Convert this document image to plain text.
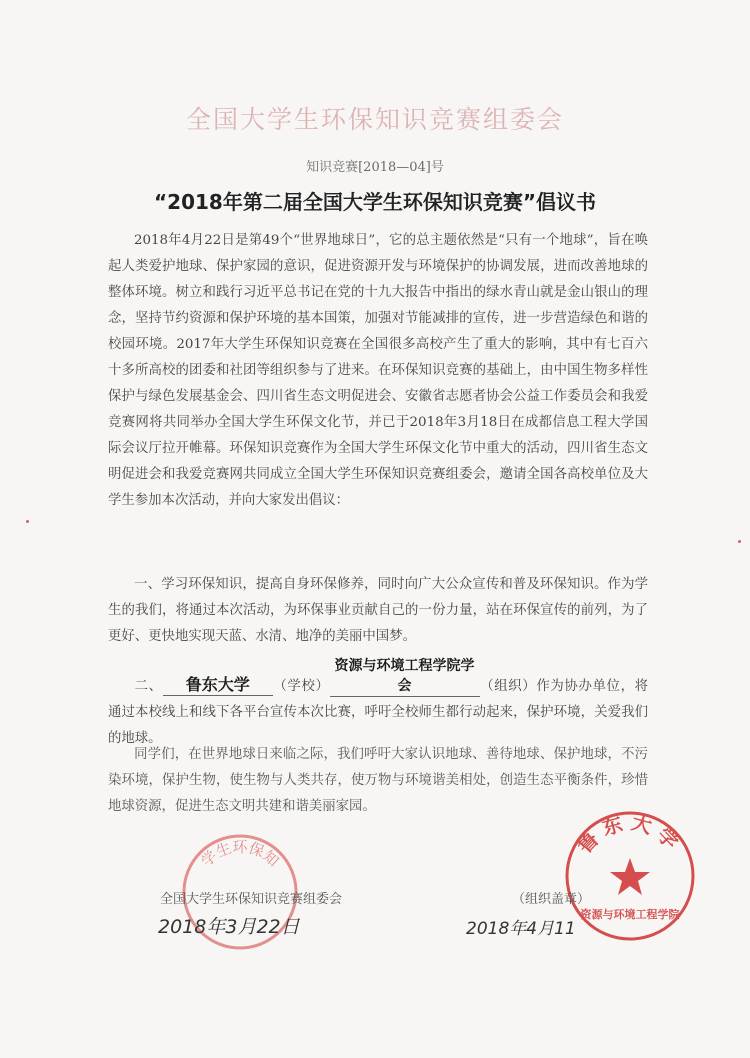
全国大学生环保知识竞赛组委会
知识竞赛[2018—04]号
“2018年第二届全国大学生环保知识竞赛”倡议书
2018年4月22日是第49个“世界地球日”，它的总主题依然是“只有一个地球”，旨在唤起人类爱护地球、保护家园的意识，促进资源开发与环境保护的协调发展，进而改善地球的整体环境。树立和践行习近平总书记在党的十九大报告中指出的绿水青山就是金山银山的理念，坚持节约资源和保护环境的基本国策，加强对节能减排的宣传，进一步营造绿色和谐的校园环境。2017年大学生环保知识竞赛在全国很多高校产生了重大的影响，其中有七百六十多所高校的团委和社团等组织参与了进来。在环保知识竞赛的基础上，由中国生物多样性保护与绿色发展基金会、四川省生态文明促进会、安徽省志愿者协会公益工作委员会和我爱竞赛网将共同举办全国大学生环保文化节，并已于2018年3月18日在成都信息工程大学国际会议厅拉开帷幕。环保知识竞赛作为全国大学生环保文化节中重大的活动，四川省生态文明促进会和我爱竞赛网共同成立全国大学生环保知识竞赛组委会，邀请全国各高校单位及大学生参加本次活动，并向大家发出倡议：
一、学习环保知识，提高自身环保修养，同时向广大公众宣传和普及环保知识。作为学生的我们，将通过本次活动，为环保事业贡献自己的一份力量，站在环保宣传的前列，为了更好、更快地实现天蓝、水清、地净的美丽中国梦。
二、 鲁东大学 （学校）资源与环境工程学院学会	（组织）作为协办单位，将通过本校线上和线下各平台宣传本次比赛，呼吁全校师生都行动起来，保护环境，关爱我们的地球。
同学们，在世界地球日来临之际，我们呼吁大家认识地球、善待地球、保护地球，不污染环境，保护生物，使生物与人类共存，使万物与环境谐美相处，创造生态平衡条件，珍惜地球资源，促进生态文明共建和谐美丽家园。
学生环保知
鲁东大学
资源与环境工程学院
全国大学生环保知识竞赛组委会
2018年3月22日
（组织盖章）
2018年4月11
